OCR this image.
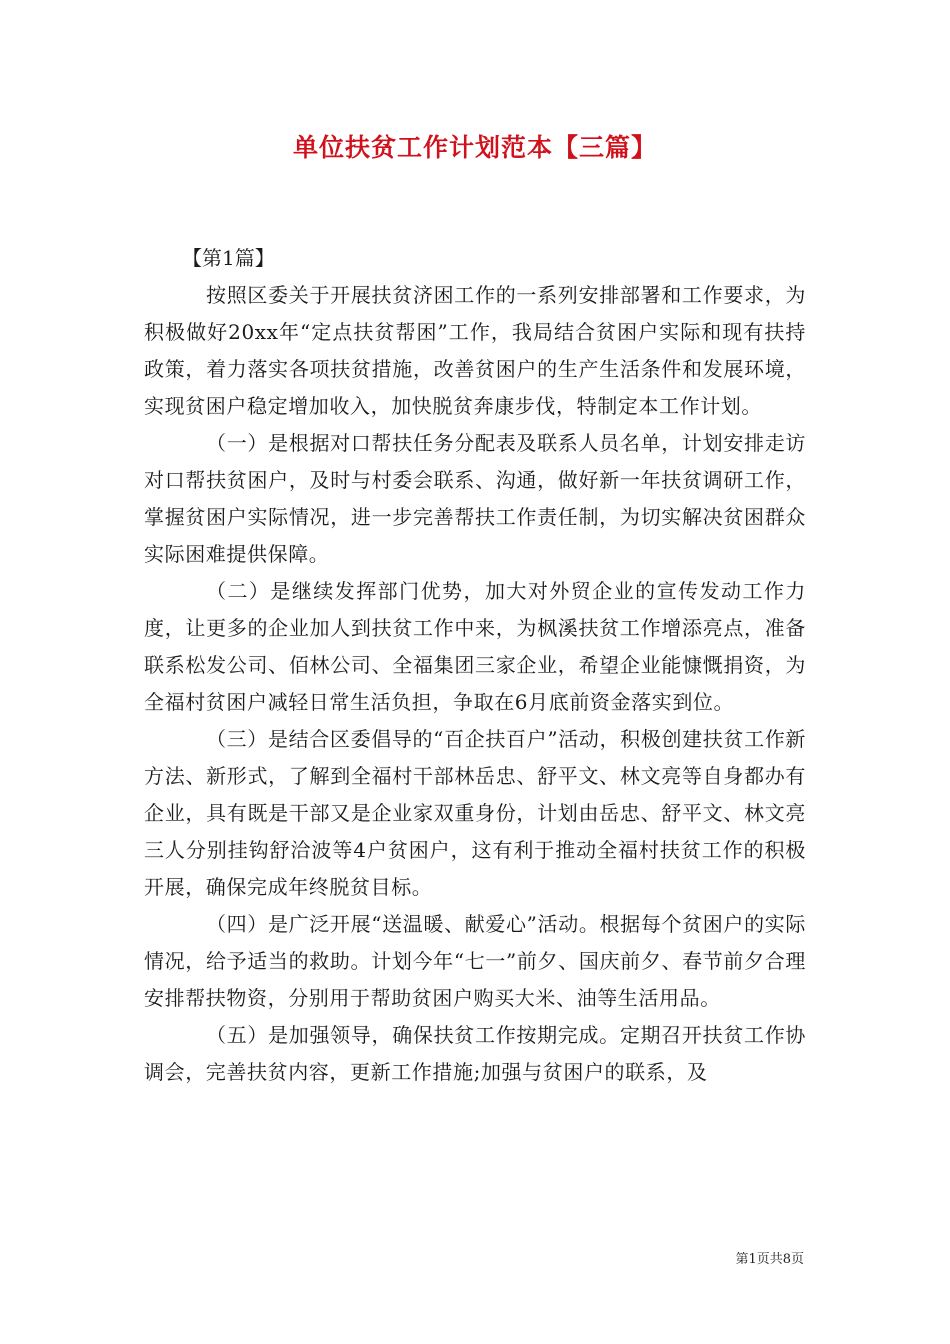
单位扶贫工作计划范本【三篇】

【第1篇】

按照区委关于开展扶贫济困工作的一系列安排部署和工作要求，为积极做好20xx年“定点扶贫帮困”工作，我局结合贫困户实际和现有扶持政策，着力落实各项扶贫措施，改善贫困户的生产生活条件和发展环境，实现贫困户稳定增加收入，加快脱贫奔康步伐，特制定本工作计划。

（一）是根据对口帮扶任务分配表及联系人员名单，计划安排走访对口帮扶贫困户，及时与村委会联系、沟通，做好新一年扶贫调研工作，掌握贫困户实际情况，进一步完善帮扶工作责任制，为切实解决贫困群众实际困难提供保障。

（二）是继续发挥部门优势，加大对外贸企业的宣传发动工作力度，让更多的企业加人到扶贫工作中来，为枫溪扶贫工作增添亮点，准备联系松发公司、佰林公司、全福集团三家企业，希望企业能慷慨捐资，为全福村贫困户减轻日常生活负担，争取在6月底前资金落实到位。

（三）是结合区委倡导的“百企扶百户”活动，积极创建扶贫工作新方法、新形式，了解到全福村干部林岳忠、舒平文、林文亮等自身都办有企业，具有既是干部又是企业家双重身份，计划由岳忠、舒平文、林文亮三人分别挂钩舒洽波等4户贫困户，这有利于推动全福村扶贫工作的积极开展，确保完成年终脱贫目标。

（四）是广泛开展“送温暖、献爱心”活动。根据每个贫困户的实际情况，给予适当的救助。计划今年“七一”前夕、国庆前夕、春节前夕合理安排帮扶物资，分别用于帮助贫困户购买大米、油等生活用品。

（五）是加强领导，确保扶贫工作按期完成。定期召开扶贫工作协调会，完善扶贫内容，更新工作措施;加强与贫困户的联系，及

第1页共8页
